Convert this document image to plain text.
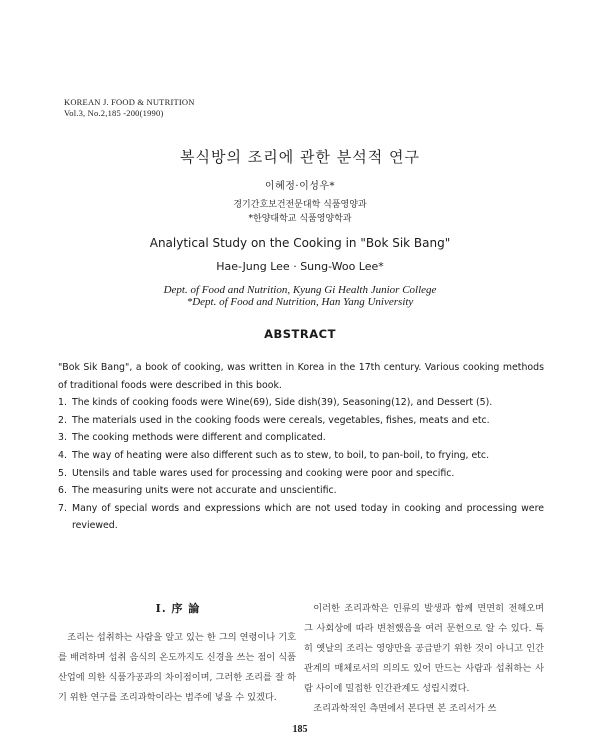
KOREAN J. FOOD & NUTRITION
Vol.3, No.2,185 -200(1990)
복식방의 조리에 관한 분석적 연구
이혜정·이성우*
경기간호보건전문대학 식품영양과
*한양대학교 식품영양학과
Analytical Study on the Cooking in "Bok Sik Bang"
Hae-Jung Lee · Sung-Woo Lee*
Dept. of Food and Nutrition, Kyung Gi Health Junior College
*Dept. of Food and Nutrition, Han Yang University
ABSTRACT

"Bok Sik Bang", a book of cooking, was written in Korea in the 17th century. Various cooking methods of traditional foods were described in this book.

1. The kinds of cooking foods were Wine(69), Side dish(39), Seasoning(12), and Dessert (5).
2. The materials used in the cooking foods were cereals, vegetables, fishes, meats and etc.
3. The cooking methods were different and complicated.
4. The way of heating were also different such as to stew, to boil, to pan-boil, to frying, etc.
5. Utensils and table wares used for processing and cooking were poor and specific.
6. The measuring units were not accurate and unscientific.
7. Many of special words and expressions which are not used today in cooking and processing were reviewed.
I. 序 論

조리는 섭취하는 사람을 알고 있는 한 그의 연령이나 기호를 배려하며 섭취 음식의 온도까지도 신경을 쓰는 점이 식품산업에 의한 식품가공과의 차이점이며, 그러한 조리를 잘 하기 위한 연구를 조리과학이라는 범주에 넣을 수 있겠다.

이러한 조리과학은 인류의 발생과 함께 면면히 전해오며 그 사회상에 따라 변천했음을 여러 문헌으로 알 수 있다. 특히 옛날의 조리는 영양만을 공급받기 위한 것이 아니고 인간관계의 매체로서의 의의도 있어 만드는 사람과 섭취하는 사람 사이에 밀접한 인간관계도 성립시켰다.

조리과학적인 측면에서 본다면 본 조리서가 쓰

185
